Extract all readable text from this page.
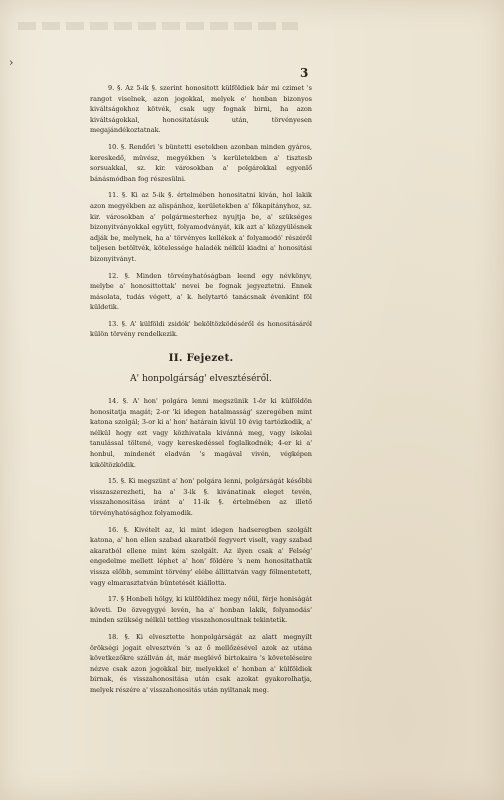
›
3

9. §. Az 5-ik §. szerint honositott külföldiek bár mi czimet 's rangot viselnek, azon jogokkal, melyek e' honban bizonyos kiváltságokhoz kötvék, csak ugy fognak birni, ha azon kiváltságokkal, honositatásuk után, törvényesen megajándékoztatnak.

10. §. Rendőri 's büntetti esetekben azonban minden gyáros, kereskedő, müvész, megyékben 's kerületekben a' tisztesb sorsuakkal, sz. kir. városokban a' polgárokkal egyenlő bánásmódban fog részesülni.

11. §. Ki az 5-ik §. értelmében honositatni kiván, hol lakik azon megyékben az alispánhoz, kerületekben a' főkapitányhoz, sz. kir. városokban a' polgármesterhez nyujtja be, a' szükséges bizonyitványokkal együtt, folyamodványát, kik azt a' közgyülésnek adják be, melynek, ha a' törvényes kellékek a' folyamodó' részéről teljesen betöltvék, kötelessége haladék nélkül kiadni a' honositási bizonyitványt.

12. §. Minden törvényhatóságban leend egy névkönyv, melybe a' honosittottak' nevei be fognak jegyeztetni. Ennek másolata, tudás végett, a' k. helytartó tanácsnak évenkint föl küldetik.

13. §. A' külföldi zsidók' beköltözködéséről és honositásáról külön törvény rendelkezik.

II. Fejezet.
A' honpolgárság' elvesztéséről.

14. §. A' hon' polgára lenni megszünik 1-ör ki külföldön honositatja magát; 2-or 'ki idegen hatalmasság' szeregében mint katona szolgál; 3-or ki a' hon' határain kivül 10 évig tartózkodik, a' nélkül hogy ezt vagy közhivatala kivánná meg, vagy iskolai tanulással töltené, vagy kereskedéssel foglalkodnék; 4-er ki a' honbul, mindenét eladván 's magával vivén, végképen kiköltözködik.

15. §. Ki megszünt a' hon' polgára lenni, polgárságát későbbi visszaszerezheti, ha a' 3-ik §. kivánatinak eleget tevén, visszahonositása iránt a' 11-ik §. értelmében az illető törvényhatósághoz folyamodik.

16. §. Kivételt az, ki mint idegen hadseregben szolgált katona, a' hon ellen szabad akaratból fegyvert viselt, vagy szabad akaratból ellene mint kém szolgált. Az ilyen csak a' Felség' engedelme mellett léphet a' hon' földére 's nem honositathatik vissza előbb, semmint törvény' elébe állittatván vagy fölmentetett, vagy elmarasztatván büntetését kiállotta.

17. § Honbeli hölgy, ki külföldihez megy nőül, férje honiságát követi. De özvegygyé levén, ha a' honban lakik, folyamodás' minden szükség nélkül tettleg visszahonosultnak tekintetik.

18. §. Ki elvesztette honpolgárságát az alatt megnyilt örökségi jogait elvesztvén 's az ő mellőzésével azok az utána következőkre szállván át, már meglévő birtokaira 's követeléseire nézve csak azon jogokkal bir, melyekkel e' honban a' külföldiek birnak, és visszahonositása után csak azokat gyakorolhatja, melyek részére a' visszahonositás után nyiltanak meg.
